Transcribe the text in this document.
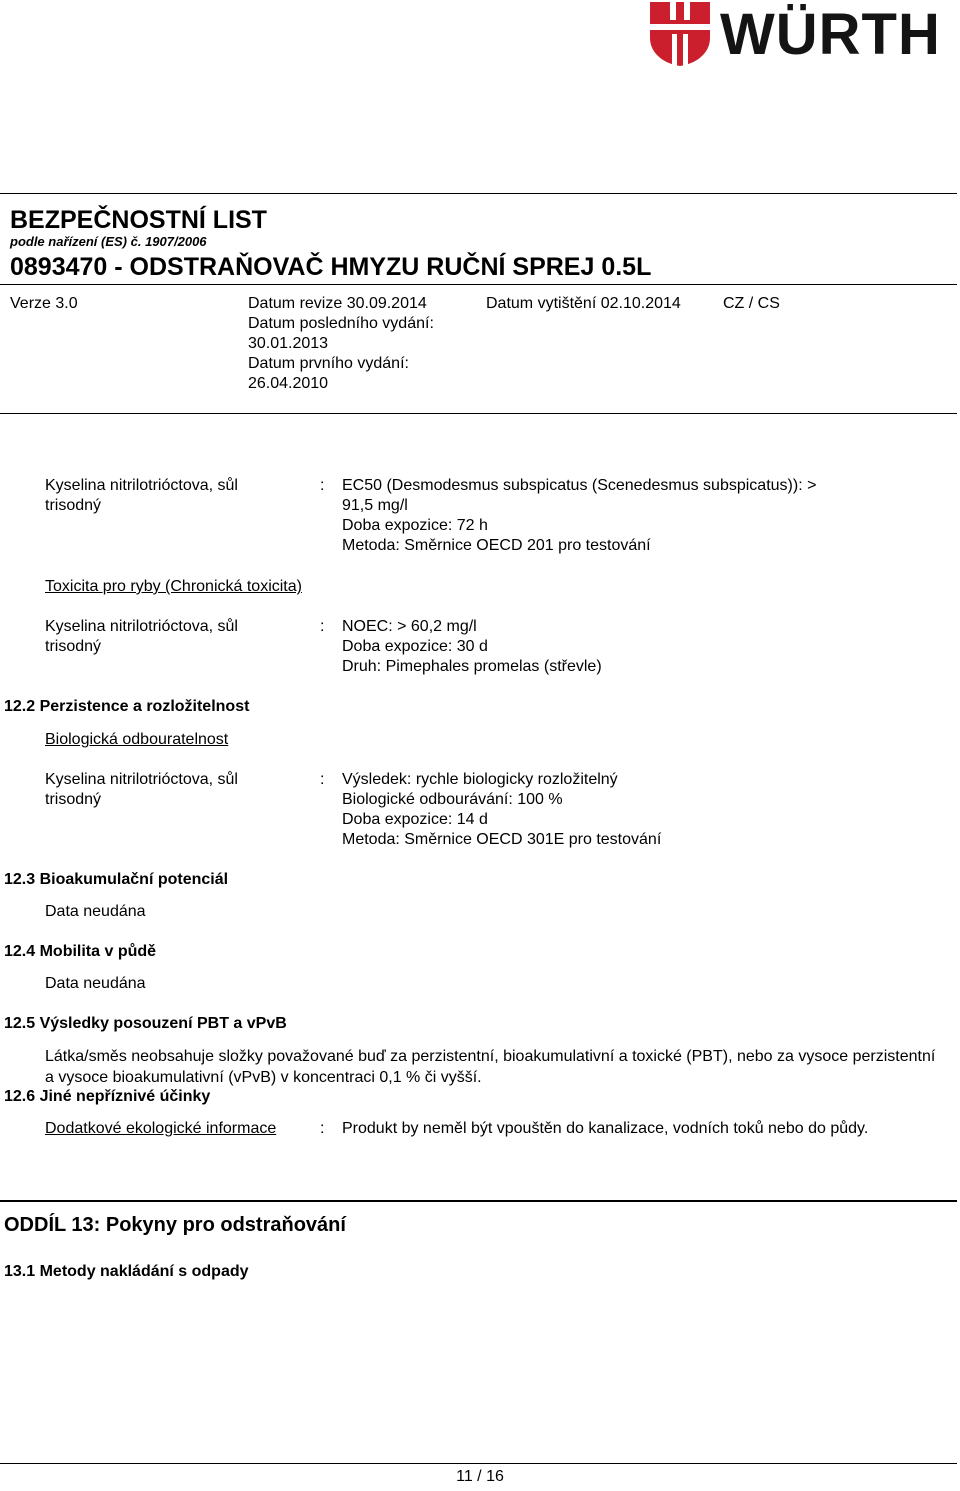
WÜRTH
BEZPEČNOSTNÍ LIST
podle nařízení (ES) č. 1907/2006
0893470 - ODSTRAŇOVAČ HMYZU RUČNÍ SPREJ 0.5L
Verze 3.0	Datum revize 30.09.2014
Datum posledního vydání:
30.01.2013
Datum prvního vydání:
26.04.2010
Datum vytištění 02.10.2014	CZ / CS
Kyselina nitrilotrióctova, sůl
trisodný
:	EC50 (Desmodesmus subspicatus (Scenedesmus subspicatus)): >
91,5 mg/l
Doba expozice: 72 h
Metoda: Směrnice OECD 201 pro testování
Toxicita pro ryby (Chronická toxicita)
Kyselina nitrilotrióctova, sůl
trisodný
:	NOEC: > 60,2 mg/l
Doba expozice: 30 d
Druh: Pimephales promelas (střevle)
12.2 Perzistence a rozložitelnost
Biologická odbouratelnost
Kyselina nitrilotrióctova, sůl
trisodný
:	Výsledek: rychle biologicky rozložitelný
Biologické odbourávání: 100 %
Doba expozice: 14 d
Metoda: Směrnice OECD 301E pro testování
12.3 Bioakumulační potenciál
Data neudána
12.4 Mobilita v půdě
Data neudána
12.5 Výsledky posouzení PBT a vPvB
Látka/směs neobsahuje složky považované buď za perzistentní, bioakumulativní a toxické (PBT), nebo za vysoce perzistentní a vysoce bioakumulativní (vPvB) v koncentraci 0,1 % či vyšší.
12.6 Jiné nepříznivé účinky
Dodatkové ekologické informace	:	Produkt by neměl být vpouštěn do kanalizace, vodních toků nebo do půdy.
ODDÍL 13: Pokyny pro odstraňování
13.1 Metody nakládání s odpady
11 / 16
